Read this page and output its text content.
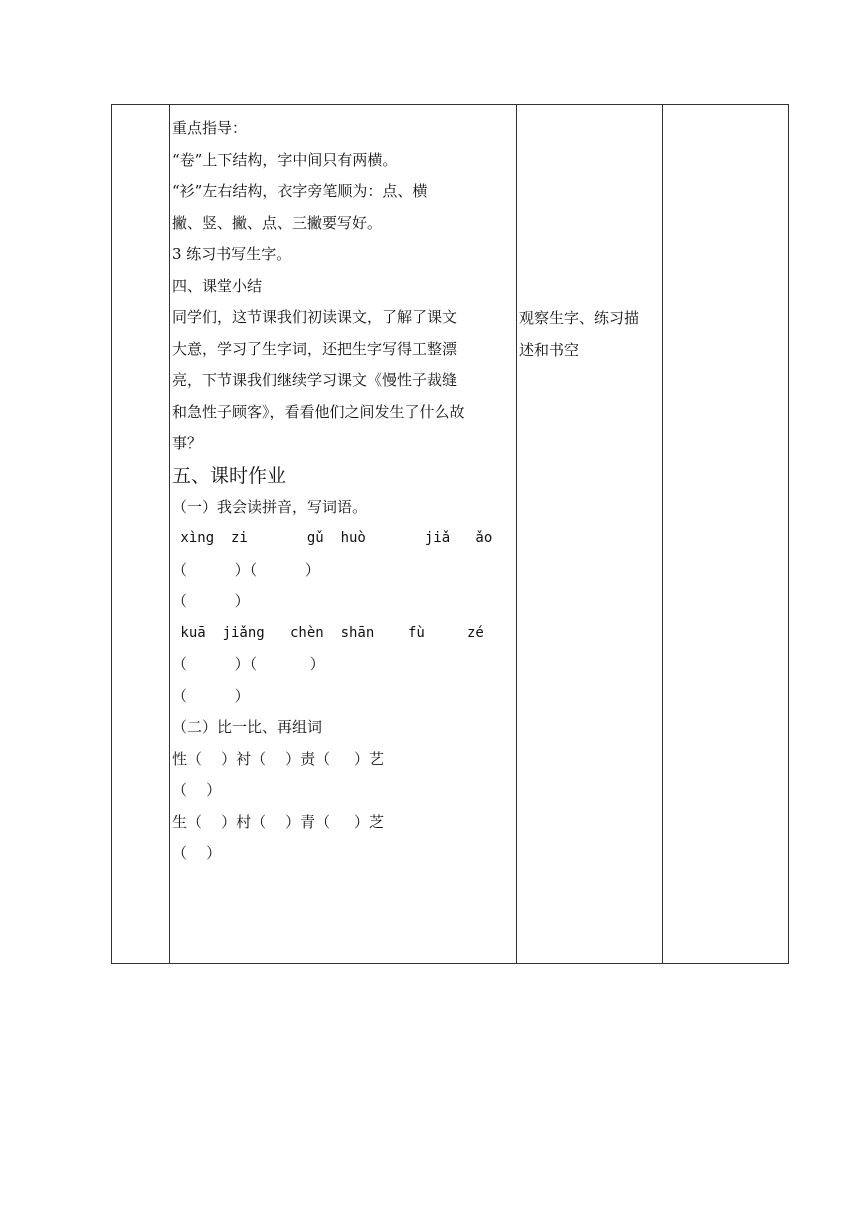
重点指导：
“卷”上下结构，字中间只有两横。
“衫”左右结构，衣字旁笔顺为：点、横
撇、竖、撇、点、三撇要写好。
3 练习书写生字。
四、课堂小结
同学们，这节课我们初读课文，了解了课文
大意，学习了生字词，还把生字写得工整漂
亮，下节课我们继续学习课文《慢性子裁缝
和急性子顾客》，看看他们之间发生了什么故
事？
五、课时作业
（一）我会读拼音，写词语。
xìng  zi       gǔ  huò       jiǎ   ǎo
（          ）（          ）
（          ）
kuā  jiǎng   chèn  shān    fù     zé
（          ）（           ）
（          ）
（二）比一比、再组词
性（    ）衬（    ）责（     ）艺
（    ）
生（    ）村（    ）青（     ）芝
（    ）
观察生字、练习描
述和书空
